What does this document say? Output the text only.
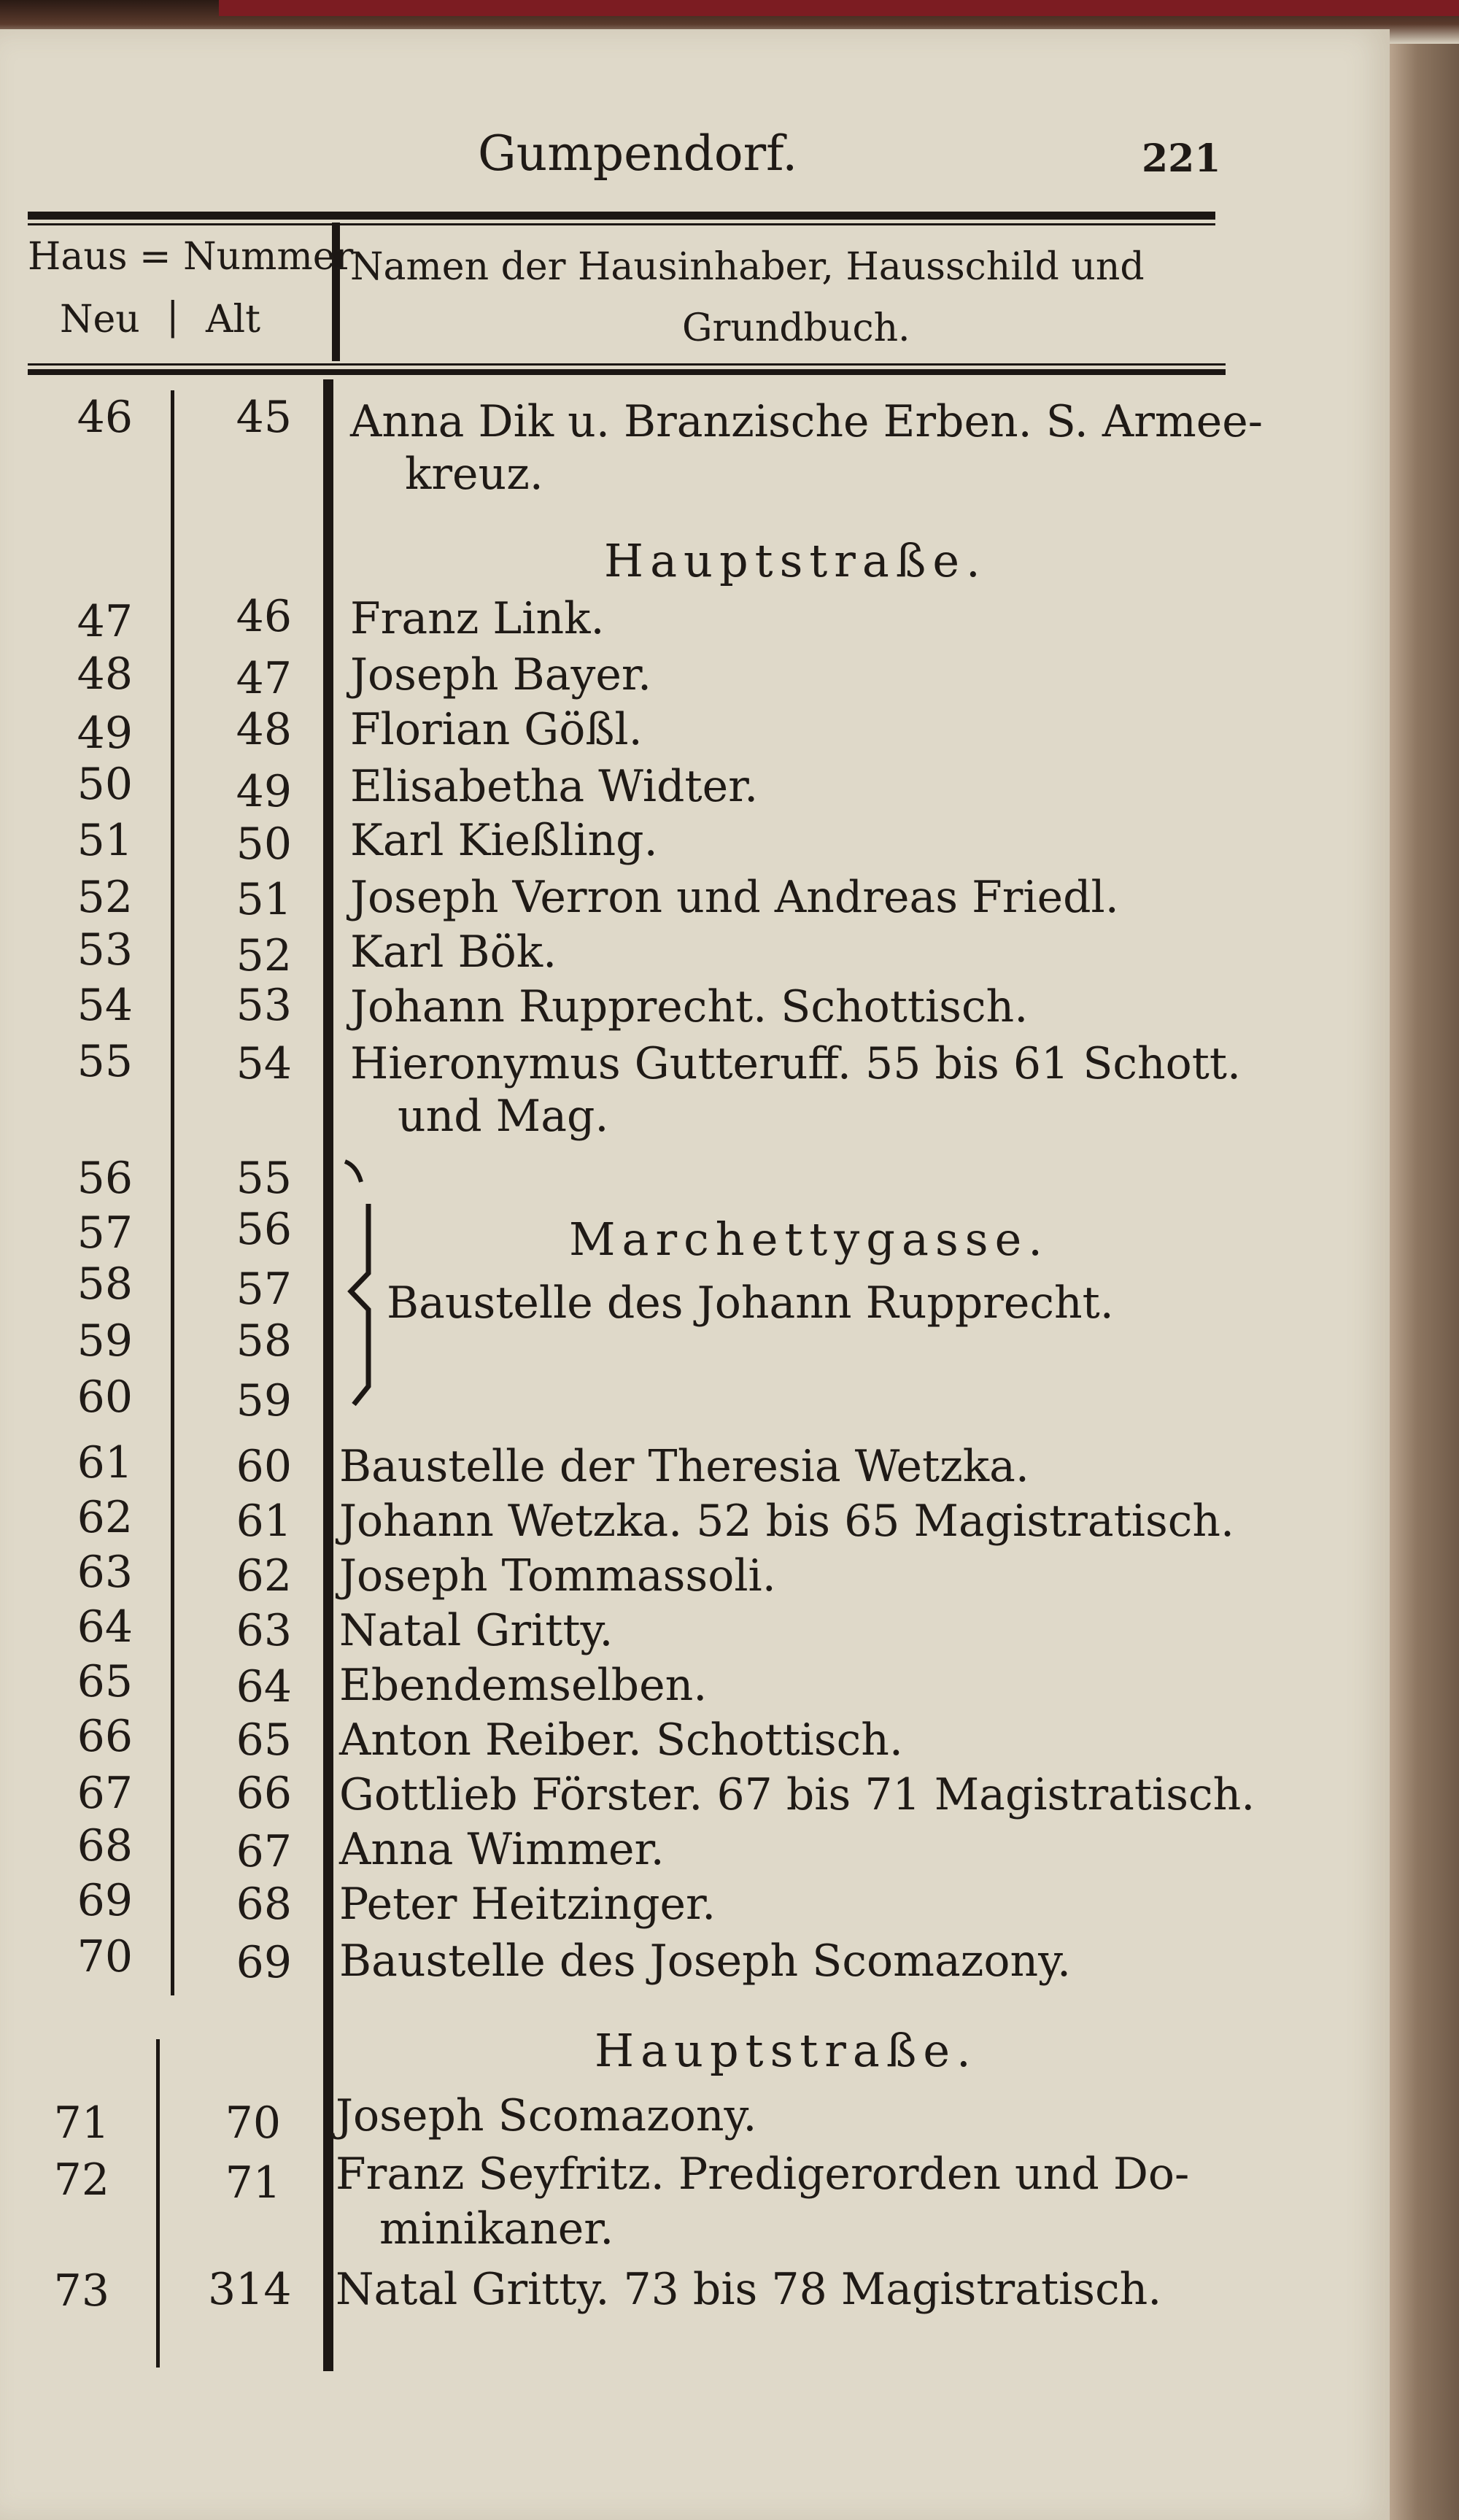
Gumpendorf.	221
Haus = Nummer
Neu | Alt
Namen der Hausinhaber, Hausschild und
Grundbuch.
46	45 Anna Dik u. Branzische Erben. S. Armee-
kreuz.
Hauptstraße.
47	46 Franz Link.
48	47 Joseph Bayer.
49	48 Florian Gößl.
50	49 Elisabetha Widter.
51	50 Karl Kießling.
52	51 Joseph Verron und Andreas Friedl.
53	52 Karl Bök.
54	53 Johann Rupprecht. Schottisch.
55	54 Hieronymus Gutteruff. 55 bis 61 Schott.
und Mag.
56	55
57	56
58	57
59	58
60	59
Marchettygasse.
Baustelle des Johann Rupprecht.
61	60 Baustelle der Theresia Wetzka.
62	61 Johann Wetzka. 52 bis 65 Magistratisch.
63	62 Joseph Tommassoli.
64	63 Natal Gritty.
65	64 Ebendemselben.
66	65 Anton Reiber. Schottisch.
67	66 Gottlieb Förster. 67 bis 71 Magistratisch.
68	67 Anna Wimmer.
69	68 Peter Heitzinger.
70	69 Baustelle des Joseph Scomazony.
Hauptstraße.
71	70 Joseph Scomazony.
72	71 Franz Seyfritz. Predigerorden und Do-
minikaner.
73 314 Natal Gritty. 73 bis 78 Magistratisch.
